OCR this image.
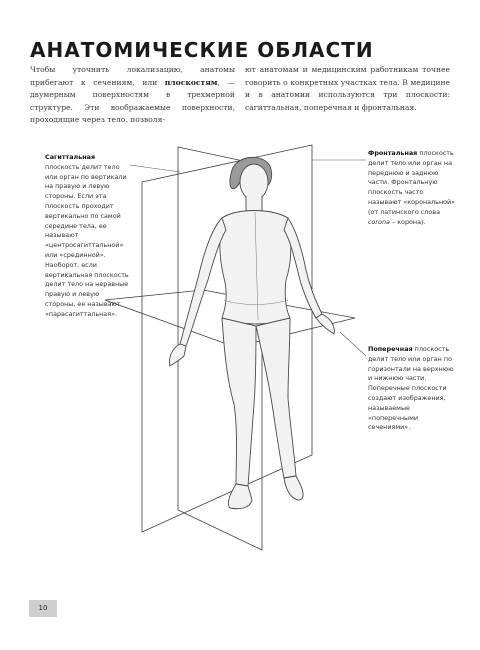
АНАТОМИЧЕСКИЕ ОБЛАСТИ

Чтобы уточнить локализацию, анатомы прибегают к сечениям, или плоскостям, — двумерным поверхностям в трехмерной структуре. Эти воображаемые поверхности, проходящие через тело, позволя-

ют анатомам и медицинским работникам точнее говорить о конкретных участках тела. В медицине и в анатомии используются три плоскости: сагиттальная, поперечная и фронтальная.

Сагиттальная плоскость делит тело или орган по вертикали на правую и левую стороны. Если эта плоскость проходит вертикально по самой середине тела, ее называют «центросагиттальной» или «срединной». Наоборот, если вертикальная плоскость делит тело на неравные правую и левую стороны, ее называют «парасагиттальная».

Фронтальная плоскость делит тело или орган на переднюю и заднюю части. Фронтальную плоскость часто называют «корональной» (от латинского слова corona – корона).

Поперечная плоскость делит тело или орган по горизонтали на верхнюю и нижнюю части. Поперечные плоскости создают изображения, называемые «поперечными сечениями».

10
